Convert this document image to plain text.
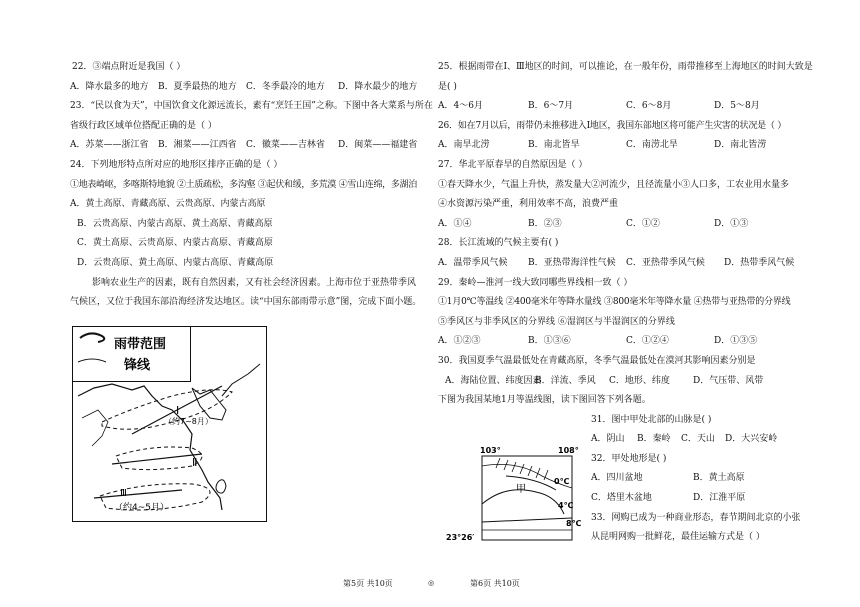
22．③端点附近是我国（ ）
A．降水最多的地方	B．夏季最热的地方	C．冬季最冷的地方	D．降水最少的地方
23．“民以食为天”，中国饮食文化源远流长，素有“烹饪王国”之称。下图中各大菜系与所在
省级行政区域单位搭配正确的是（ ）
A．苏菜——浙江省	B．湘菜——江西省	C．徽菜——吉林省	D．闽菜——福建省
24．下列地形特点所对应的地形区排序正确的是（ ）
①地表崎岖，多喀斯特地貌 ②土质疏松，多沟壑 ③起伏和缓，多荒漠 ④雪山连绵，多湖泊
A．黄土高原、青藏高原、云贵高原、内蒙古高原
B．云贵高原、内蒙古高原、黄土高原、青藏高原
C．黄土高原、云贵高原、内蒙古高原、青藏高原
D．云贵高原、黄土高原、内蒙古高原、青藏高原
影响农业生产的因素，既有自然因素，又有社会经济因素。上海市位于亚热带季风
气候区，又位于我国东部沿海经济发达地区。读“中国东部雨带示意”图，完成下面小题。
雨带范围
锋线
Ⅰ
（约7~8月）
Ⅱ
Ⅲ
（约4~5月）
25．根据雨带在Ⅰ、Ⅲ地区的时间，可以推论，在一般年份，雨带推移至上海地区的时间大致是
是( )
A．4～6月	B．6～7月	C．6～8月	D．5～8月
26．如在7月以后，雨带仍未推移进入Ⅰ地区，我国东部地区将可能产生灾害的状况是（ ）
A．南旱北涝	B．南北皆旱	C．南涝北旱	D．南北皆涝
27．华北平原春旱的自然原因是（ ）
①春天降水少，气温上升快，蒸发量大②河流少，且径流量小③人口多，工农业用水量多
④水资源污染严重，利用效率不高，浪费严重
A．①④	B．②③	C．①②	D．①③
28．长江流域的气候主要有( )
A．温带季风气候	B．亚热带海洋性气候	C．亚热带季风气候	D．热带季风气候
29．秦岭—淮河一线大致同哪些界线相一致（ ）
①1月0℃等温线 ②400毫米年等降水量线 ③800毫米年等降水量 ④热带与亚热带的分界线
⑤季风区与非季风区的分界线 ⑥湿润区与半湿润区的分界线
A．①②③	B．①③⑥	C．①②④	D．①③⑤
30．我国夏季气温最低处在青藏高原，冬季气温最低处在漠河其影响因素分别是
A．海陆位置、纬度因素
B．洋流、季风	C．地形、纬度	D．气压带、风带
下图为我国某地1月等温线图，读下图回答下列各题。
31．图中甲处北部的山脉是( )
A．阴山	B．秦岭	C．天山	D．大兴安岭
32．甲处地形是( )
A．四川盆地	B．黄土高原
C．塔里木盆地	D．江淮平原
33．网购已成为一种商业形态，春节期间北京的小张
从昆明网购一批鲜花，最佳运输方式是（ ）
103°	108°
甲
0℃
4℃
8℃
23°26′
第5页 共10页	◎	第6页 共10页
